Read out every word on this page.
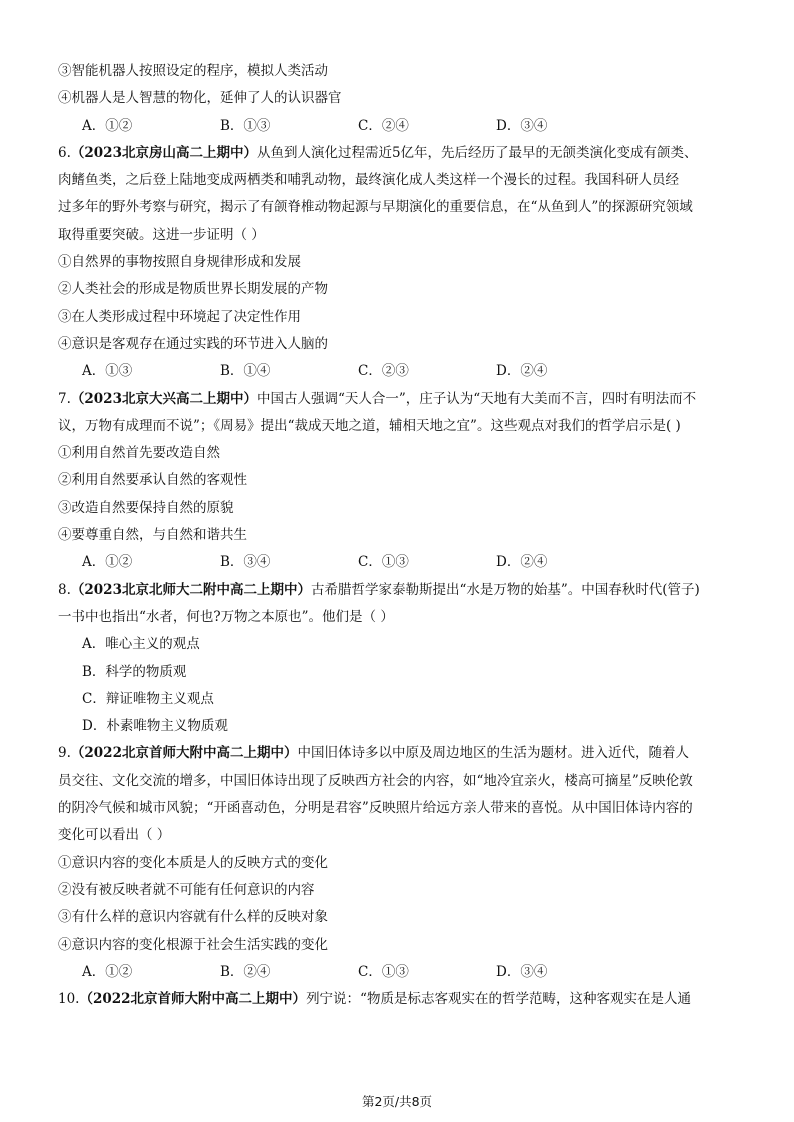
③智能机器人按照设定的程序，模拟人类活动
④机器人是人智慧的物化，延伸了人的认识器官
A．①②	B．①③	C．②④	D．③④
6.（2023北京房山高二上期中）从鱼到人演化过程需近5亿年，先后经历了最早的无颌类演化变成有颌类、
肉鳍鱼类，之后登上陆地变成两栖类和哺乳动物，最终演化成人类这样一个漫长的过程。我国科研人员经
过多年的野外考察与研究，揭示了有颌脊椎动物起源与早期演化的重要信息，在“从鱼到人”的探源研究领域
取得重要突破。这进一步证明（ ）
①自然界的事物按照自身规律形成和发展
②人类社会的形成是物质世界长期发展的产物
③在人类形成过程中环境起了决定性作用
④意识是客观存在通过实践的环节进入人脑的
A．①③	B．①④	C．②③	D．②④
7.（2023北京大兴高二上期中）中国古人强调“天人合一”，庄子认为“天地有大美而不言，四时有明法而不
议，万物有成理而不说”；《周易》提出“裁成天地之道，辅相天地之宜”。这些观点对我们的哲学启示是( )
①利用自然首先要改造自然
②利用自然要承认自然的客观性
③改造自然要保持自然的原貌
④要尊重自然，与自然和谐共生
A．①②	B．③④	C．①③	D．②④
8.（2023北京北师大二附中高二上期中）古希腊哲学家泰勒斯提出“水是万物的始基”。中国春秋时代(管子)
一书中也指出“水者，何也?万物之本原也”。他们是（ ）
A．唯心主义的观点
B．科学的物质观
C．辩证唯物主义观点
D．朴素唯物主义物质观
9.（2022北京首师大附中高二上期中）中国旧体诗多以中原及周边地区的生活为题材。进入近代，随着人
员交往、文化交流的增多，中国旧体诗出现了反映西方社会的内容，如“地冷宜亲火，楼高可摘星”反映伦敦
的阴冷气候和城市风貌；“开函喜动色，分明是君容”反映照片给远方亲人带来的喜悦。从中国旧体诗内容的
变化可以看出（ ）
①意识内容的变化本质是人的反映方式的变化
②没有被反映者就不可能有任何意识的内容
③有什么样的意识内容就有什么样的反映对象
④意识内容的变化根源于社会生活实践的变化
A．①②	B．②④	C．①③	D．③④
10.（2022北京首师大附中高二上期中）列宁说：“物质是标志客观实在的哲学范畴，这种客观实在是人通
第2页/共8页
